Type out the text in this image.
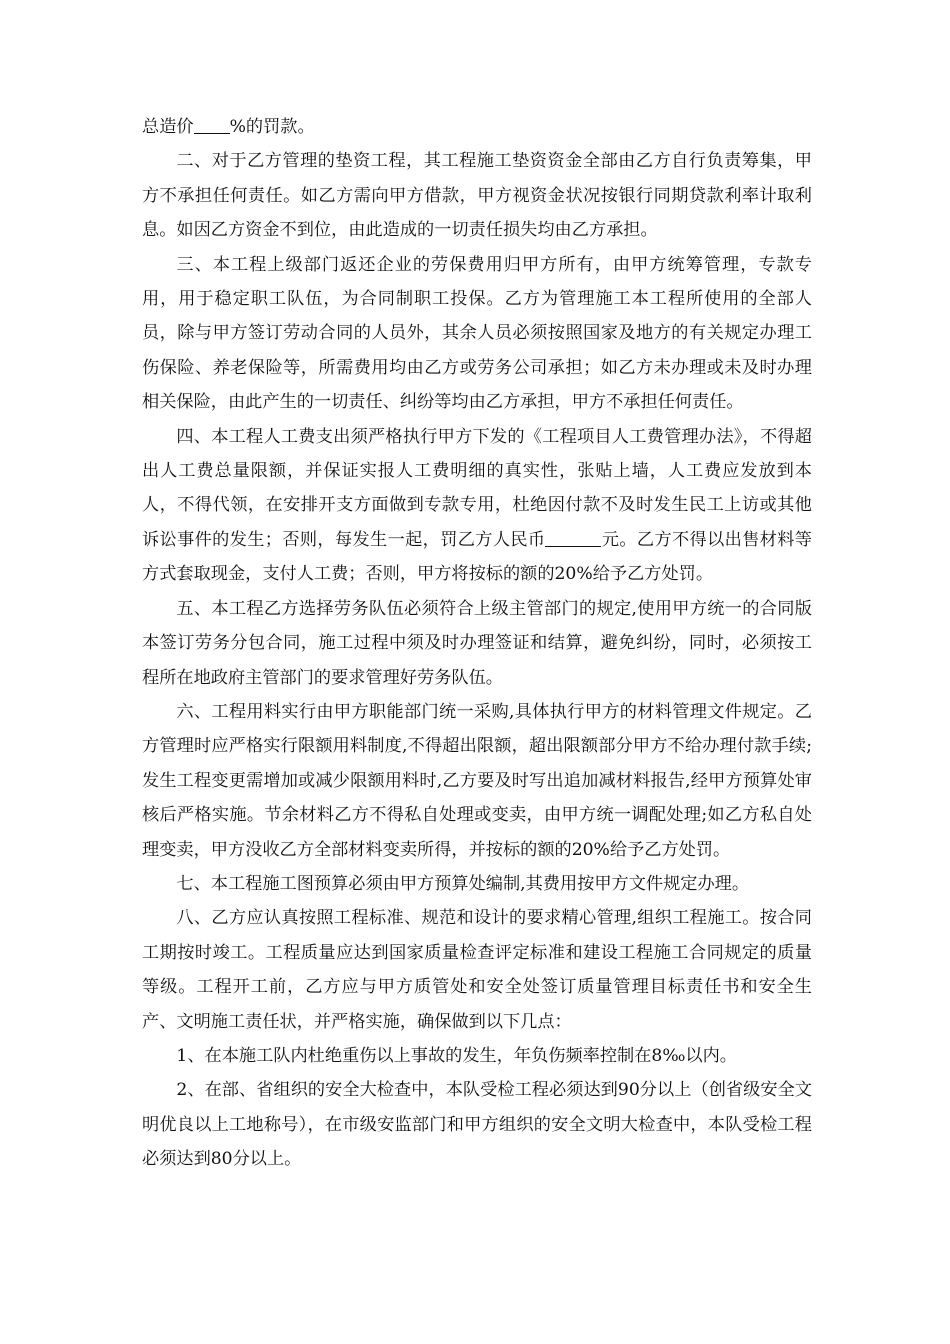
总造价 %的罚款。

二、对于乙方管理的垫资工程，其工程施工垫资资金全部由乙方自行负责筹集，甲方不承担任何责任。如乙方需向甲方借款，甲方视资金状况按银行同期贷款利率计取利息。如因乙方资金不到位，由此造成的一切责任损失均由乙方承担。

三、本工程上级部门返还企业的劳保费用归甲方所有，由甲方统筹管理，专款专用，用于稳定职工队伍，为合同制职工投保。乙方为管理施工本工程所使用的全部人员，除与甲方签订劳动合同的人员外，其余人员必须按照国家及地方的有关规定办理工伤保险、养老保险等，所需费用均由乙方或劳务公司承担；如乙方未办理或未及时办理相关保险，由此产生的一切责任、纠纷等均由乙方承担，甲方不承担任何责任。

四、本工程人工费支出须严格执行甲方下发的《工程项目人工费管理办法》，不得超出人工费总量限额，并保证实报人工费明细的真实性，张贴上墙，人工费应发放到本人，不得代领，在安排开支方面做到专款专用，杜绝因付款不及时发生民工上访或其他诉讼事件的发生；否则，每发生一起，罚乙方人民币	元。乙方不得以出售材料等方式套取现金，支付人工费；否则，甲方将按标的额的20%给予乙方处罚。

五、本工程乙方选择劳务队伍必须符合上级主管部门的规定,使用甲方统一的合同版本签订劳务分包合同，施工过程中须及时办理签证和结算，避免纠纷，同时，必须按工程所在地政府主管部门的要求管理好劳务队伍。

六、工程用料实行由甲方职能部门统一采购,具体执行甲方的材料管理文件规定。乙方管理时应严格实行限额用料制度,不得超出限额，超出限额部分甲方不给办理付款手续;发生工程变更需增加或减少限额用料时,乙方要及时写出追加减材料报告,经甲方预算处审核后严格实施。节余材料乙方不得私自处理或变卖，由甲方统一调配处理;如乙方私自处理变卖，甲方没收乙方全部材料变卖所得，并按标的额的20%给予乙方处罚。

七、本工程施工图预算必须由甲方预算处编制,其费用按甲方文件规定办理。

八、乙方应认真按照工程标准、规范和设计的要求精心管理,组织工程施工。按合同工期按时竣工。工程质量应达到国家质量检查评定标准和建设工程施工合同规定的质量等级。工程开工前，乙方应与甲方质管处和安全处签订质量管理目标责任书和安全生产、文明施工责任状，并严格实施，确保做到以下几点：

1、在本施工队内杜绝重伤以上事故的发生，年负伤频率控制在8‰以内。

2、在部、省组织的安全大检查中，本队受检工程必须达到90分以上（创省级安全文明优良以上工地称号），在市级安监部门和甲方组织的安全文明大检查中，本队受检工程必须达到80分以上。
